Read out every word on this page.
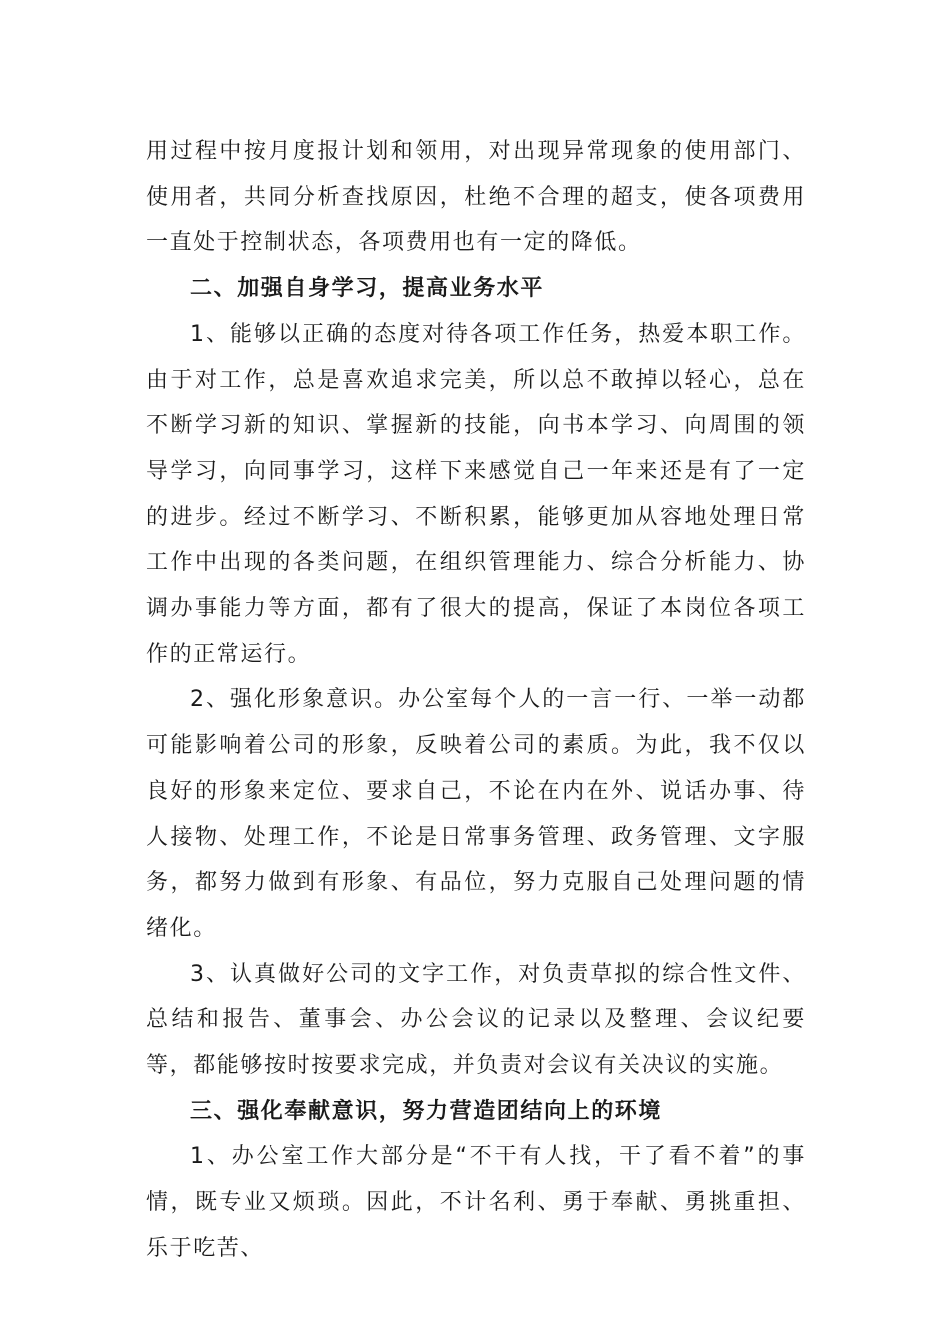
用过程中按月度报计划和领用，对出现异常现象的使用部门、使用者，共同分析查找原因，杜绝不合理的超支，使各项费用一直处于控制状态，各项费用也有一定的降低。

二、加强自身学习，提高业务水平

1、能够以正确的态度对待各项工作任务，热爱本职工作。由于对工作，总是喜欢追求完美，所以总不敢掉以轻心，总在不断学习新的知识、掌握新的技能，向书本学习、向周围的领导学习，向同事学习，这样下来感觉自己一年来还是有了一定的进步。经过不断学习、不断积累，能够更加从容地处理日常工作中出现的各类问题，在组织管理能力、综合分析能力、协调办事能力等方面，都有了很大的提高，保证了本岗位各项工作的正常运行。

2、强化形象意识。办公室每个人的一言一行、一举一动都可能影响着公司的形象，反映着公司的素质。为此，我不仅以良好的形象来定位、要求自己，不论在内在外、说话办事、待人接物、处理工作，不论是日常事务管理、政务管理、文字服务，都努力做到有形象、有品位，努力克服自己处理问题的情绪化。

3、认真做好公司的文字工作，对负责草拟的综合性文件、总结和报告、董事会、办公会议的记录以及整理、会议纪要等，都能够按时按要求完成，并负责对会议有关决议的实施。

三、强化奉献意识，努力营造团结向上的环境

1、办公室工作大部分是“不干有人找，干了看不着”的事情，既专业又烦琐。因此，不计名利、勇于奉献、勇挑重担、乐于吃苦、
